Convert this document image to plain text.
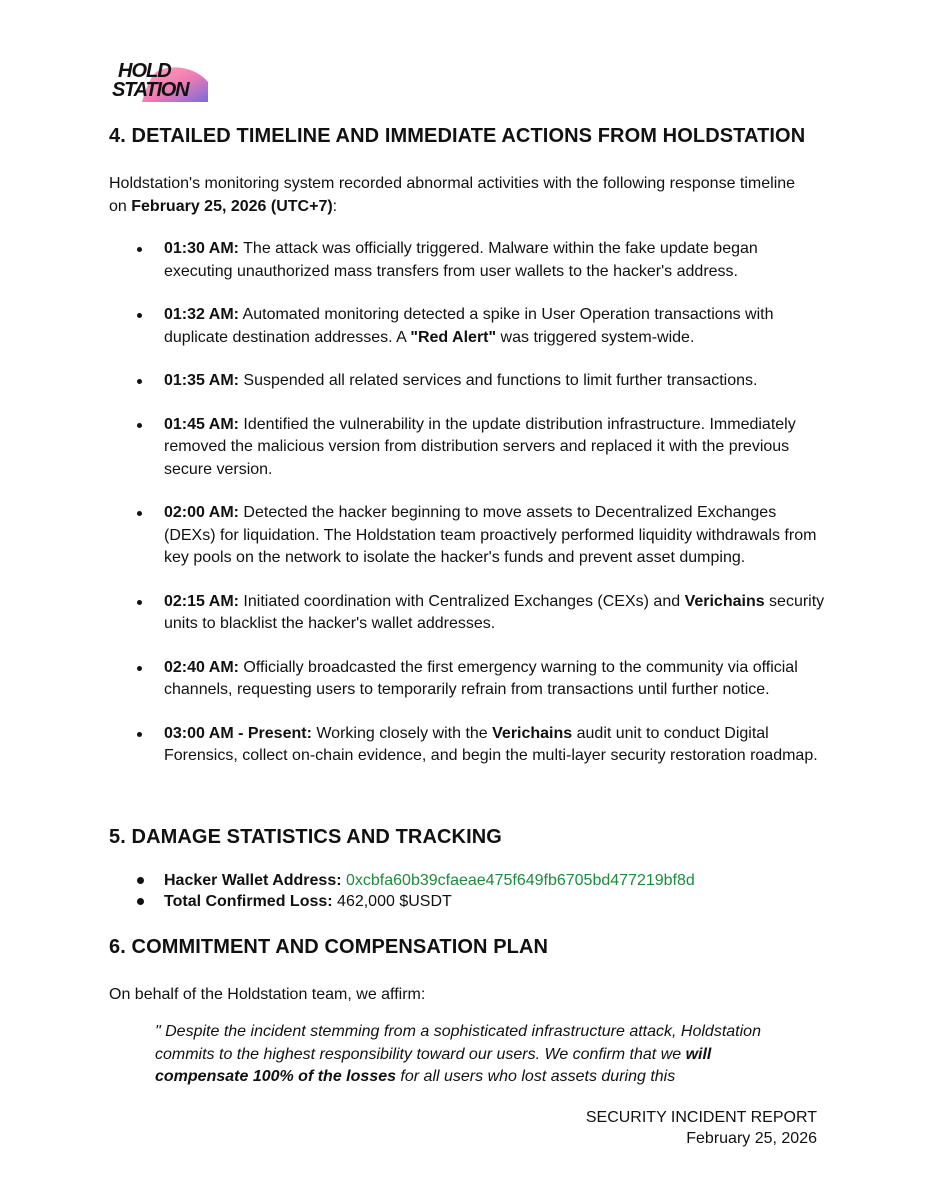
HOLD
STATION
4. DETAILED TIMELINE AND IMMEDIATE ACTIONS FROM HOLDSTATION

Holdstation's monitoring system recorded abnormal activities with the following response timeline on February 25, 2026 (UTC+7):

01:30 AM: The attack was officially triggered. Malware within the fake update began executing unauthorized mass transfers from user wallets to the hacker's address.
01:32 AM: Automated monitoring detected a spike in User Operation transactions with duplicate destination addresses. A "Red Alert" was triggered system-wide.
01:35 AM: Suspended all related services and functions to limit further transactions.
01:45 AM: Identified the vulnerability in the update distribution infrastructure. Immediately removed the malicious version from distribution servers and replaced it with the previous secure version.
02:00 AM: Detected the hacker beginning to move assets to Decentralized Exchanges (DEXs) for liquidation. The Holdstation team proactively performed liquidity withdrawals from key pools on the network to isolate the hacker's funds and prevent asset dumping.
02:15 AM: Initiated coordination with Centralized Exchanges (CEXs) and Verichains security units to blacklist the hacker's wallet addresses.
02:40 AM: Officially broadcasted the first emergency warning to the community via official channels, requesting users to temporarily refrain from transactions until further notice.
03:00 AM - Present: Working closely with the Verichains audit unit to conduct Digital Forensics, collect on-chain evidence, and begin the multi-layer security restoration roadmap.
5. DAMAGE STATISTICS AND TRACKING
Hacker Wallet Address: 0xcbfa60b39cfaeae475f649fb6705bd477219bf8d
Total Confirmed Loss: 462,000 $USDT
6. COMMITMENT AND COMPENSATION PLAN

On behalf of the Holdstation team, we affirm:

" Despite the incident stemming from a sophisticated infrastructure attack, Holdstation commits to the highest responsibility toward our users. We confirm that we will compensate 100% of the losses for all users who lost assets during this

SECURITY INCIDENT REPORT
February 25, 2026
